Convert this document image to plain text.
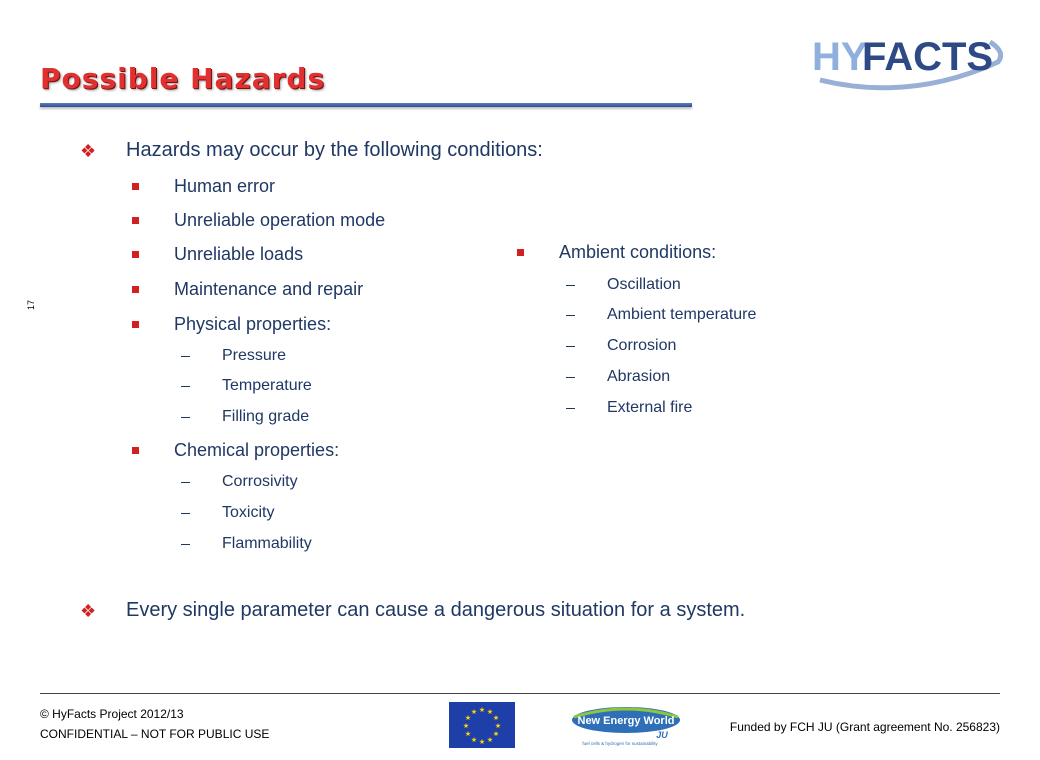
HY
FACTS
Possible Hazards
17
❖ Hazards may occur by the following conditions:
Human error
Unreliable operation mode
Unreliable loads
Maintenance and repair
Physical properties:
Pressure
Temperature
Filling grade
Chemical properties:
Corrosivity
Toxicity
Flammability
Ambient conditions:
Oscillation
Ambient temperature
Corrosion
Abrasion
External fire
❖ Every single parameter can cause a dangerous situation for a system.
© HyFacts Project 2012/13
CONFIDENTIAL – NOT FOR PUBLIC USE
★ ★
★
★
★
★
★
★
★
★
★
★
New Energy World
JU
fuel cells & hydrogen for sustainability
Funded by FCH JU (Grant agreement No. 256823)
